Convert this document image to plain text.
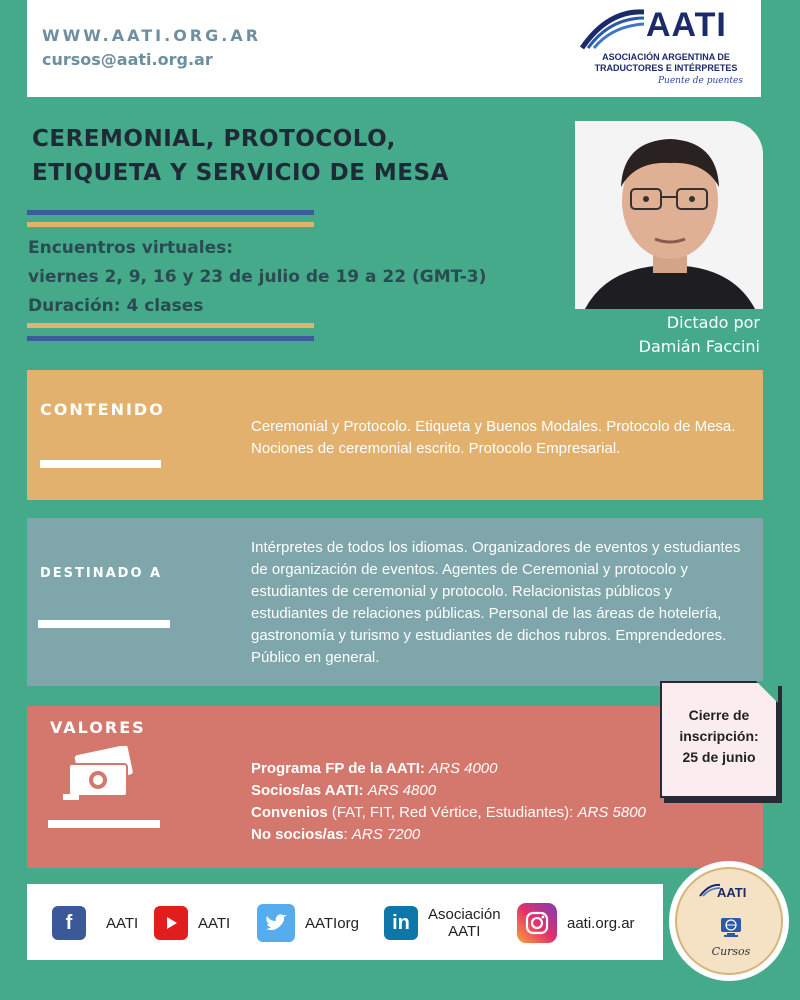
WWW.AATI.ORG.AR
cursos@aati.org.ar
AATI
ASOCIACIÓN ARGENTINA DE
TRADUCTORES E INTÉRPRETES
Puente de puentes
CEREMONIAL, PROTOCOLO,
ETIQUETA Y SERVICIO DE MESA
Encuentros virtuales:
viernes 2, 9, 16 y 23 de julio de 19 a 22 (GMT-3)
Duración: 4 clases
Dictado por
Damián Faccini
CONTENIDO
Ceremonial y Protocolo. Etiqueta y Buenos Modales. Protocolo de Mesa. Nociones de ceremonial escrito. Protocolo Empresarial.
DESTINADO A
Intérpretes de todos los idiomas. Organizadores de eventos y estudiantes de organización de eventos. Agentes de Ceremonial y protocolo y estudiantes de ceremonial y protocolo. Relacionistas públicos y estudiantes de relaciones públicas. Personal de las áreas de hotelería, gastronomía y turismo y estudiantes de dichos rubros. Emprendedores. Público en general.
VALORES
Programa FP de la AATI: ARS 4000
Socios/as AATI: ARS 4800
Convenios (FAT, FIT, Red Vértice, Estudiantes): ARS 5800
No socios/as: ARS 7200
Cierre de
inscripción:
25 de junio
f	AATI	AATI	AATIorg	in	Asociación
AATI	aati.org.ar
AATI
Cursos
